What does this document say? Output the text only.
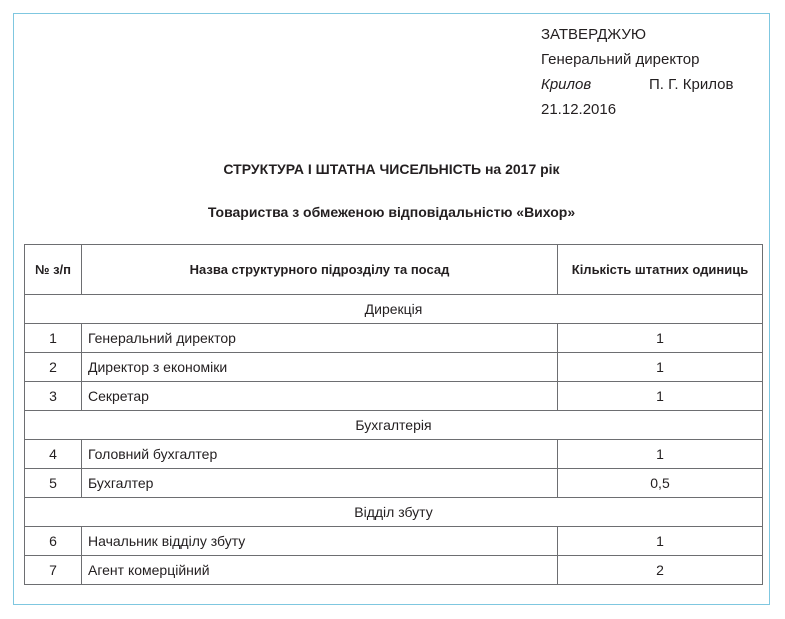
ЗАТВЕРДЖУЮ
Генеральний директор
Крилов	П. Г. Крилов
21.12.2016
СТРУКТУРА І ШТАТНА ЧИСЕЛЬНІСТЬ на 2017 рік
Товариства з обмеженою відповідальністю «Вихор»
№ з/п	Назва структурного підрозділу та посад	Кількість штатних одиниць
Дирекція		
1	Генеральний директор	1
2	Директор з економіки	1
3	Секретар	1
Бухгалтерія		
4	Головний бухгалтер	1
5	Бухгалтер	0,5
Відділ збуту		
6	Начальник відділу збуту	1
7	Агент комерційний	2
